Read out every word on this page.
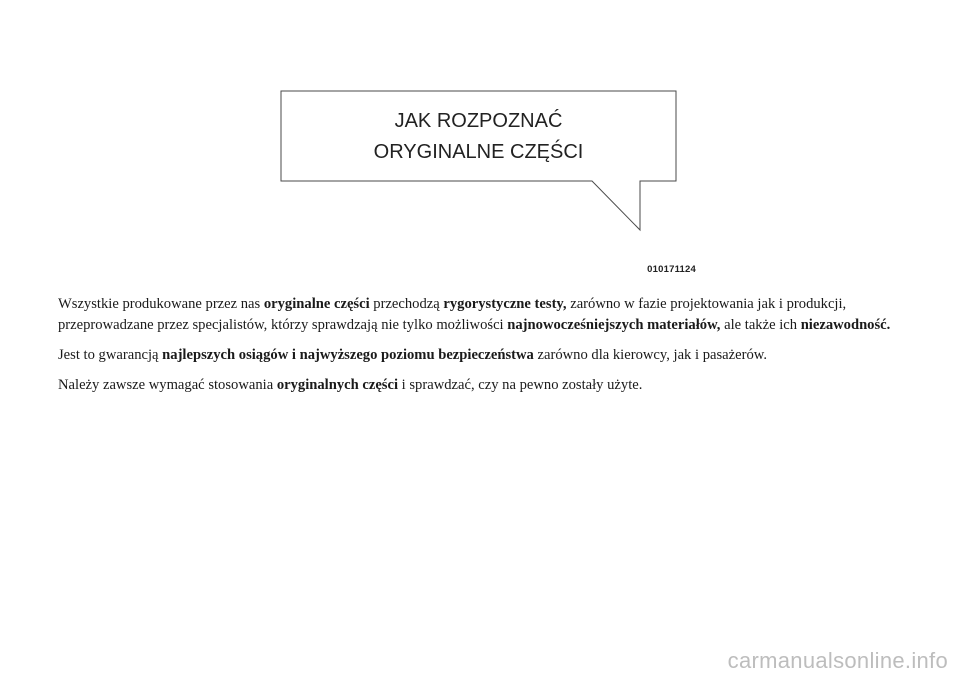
JAK ROZPOZNAĆ
ORYGINALNE CZĘŚCI
010171124

Wszystkie produkowane przez nas oryginalne części przechodzą rygorystyczne testy, zarówno w fazie projektowania jak i produkcji, przeprowadzane przez specjalistów, którzy sprawdzają nie tylko możliwości najnowocześniejszych materiałów, ale także ich niezawodność.

Jest to gwarancją najlepszych osiągów i najwyższego poziomu bezpieczeństwa zarówno dla kierowcy, jak i pasażerów.

Należy zawsze wymagać stosowania oryginalnych części i sprawdzać, czy na pewno zostały użyte.

carmanualsonline.info
